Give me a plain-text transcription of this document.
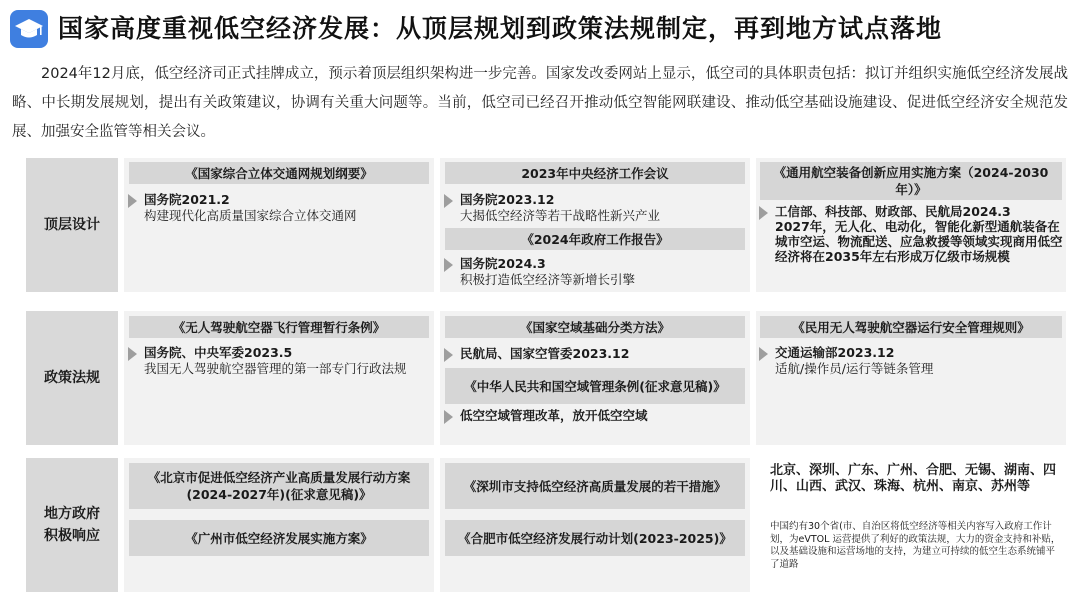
国家高度重视低空经济发展：从顶层规划到政策法规制定，再到地方试点落地
2024年12月底，低空经济司正式挂牌成立，预示着顶层组织架构进一步完善。国家发改委网站上显示，低空司的具体职责包括：拟订并组织实施低空经济发展战略、中长期发展规划，提出有关政策建议，协调有关重大问题等。当前，低空司已经召开推动低空智能网联建设、推动低空基础设施建设、促进低空经济安全规范发展、加强安全监管等相关会议。
顶层设计
政策法规
地方政府积极响应
《国家综合立体交通网规划纲要》
国务院2021.2
构建现代化高质量国家综合立体交通网
2023年中央经济工作会议
国务院2023.12
大揭低空经济等若干战略性新兴产业
《2024年政府工作报告》
国务院2024.3
积极打造低空经济等新增长引擎
《通用航空装备创新应用实施方案（2024-2030年）》
工信部、科技部、财政部、民航局2024.3
2027年，无人化、电动化，智能化新型通航装备在城市空运、物流配送、应急救援等领域实现商用低空经济将在2035年左右形成万亿级市场规模
《无人驾驶航空器飞行管理暂行条例》
国务院、中央军委2023.5
我国无人驾驶航空器管理的第一部专门行政法规
《国家空域基础分类方法》
民航局、国家空管委2023.12
《中华人民共和国空域管理条例(征求意见稿)》
低空空域管理改革，放开低空空域
《民用无人驾驶航空器运行安全管理规则》
交通运输部2023.12
适航/操作员/运行等链条管理
《北京市促进低空经济产业高质量发展行动方案(2024-2027年)(征求意见稿)》
《广州市低空经济发展实施方案》
《深圳市支持低空经济高质量发展的若干措施》
《合肥市低空经济发展行动计划(2023-2025)》
北京、深圳、广东、广州、合肥、无锡、湖南、四川、山西、武汉、珠海、杭州、南京、苏州等
中国约有30个省(市、自治区将低空经济等相关内容写入政府工作计划，为eVTOL 运营提供了利好的政策法规，大力的资金支持和补贴，以及基础设施和运营场地的支持，为建立可持续的低空生态系统铺平了道路
